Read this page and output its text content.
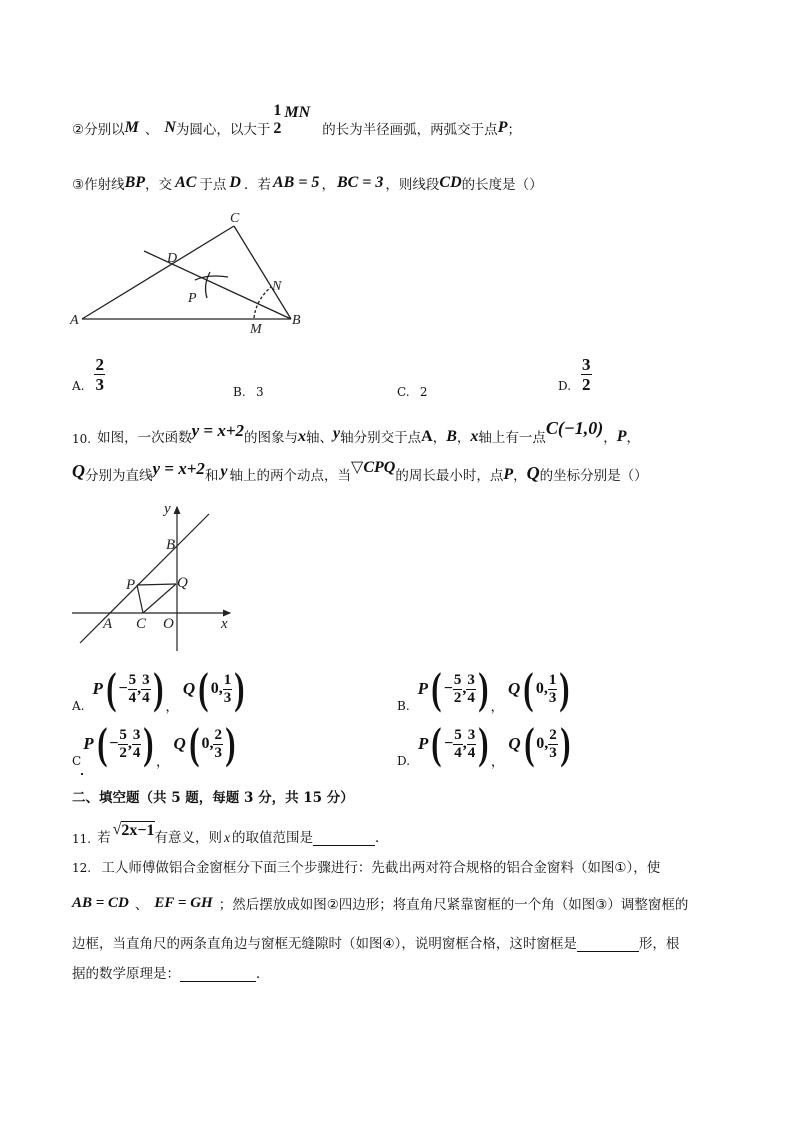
②分别以 M 、 N 为圆心，以大于
1
2
MN
的长为半径画弧，两弧交于点 P ；
③作射线 BP ，交 AC 于点 D ．若 AB = 5 ， BC = 3 ，则线段 CD 的长度是（）
A	B
C
D
P
M
N
A. $\frac{2}{3}$	B. 3	C. 2	D. $\frac{3}{2}$
10. 如图，一次函数 y = x+2 的图象与 x 轴、 y 轴分别交于点 A ， B ， x 轴上有一点 C(−1,0) ， P ，
Q 分别为直线 y = x+2 和 y 轴上的两个动点，当 ▽CPQ 的周长最小时，点 P ， Q 的坐标分别是（）
y
x
B
P	Q
A C O
A.
P ( − $\frac{5}{4}$ , $\frac{3}{4}$ ) ，
Q ( 0 , $\frac{1}{3}$ )	B.
P ( − $\frac{5}{2}$ , $\frac{3}{4}$ ) ，
Q ( 0 , $\frac{1}{3}$ )
C
P ( − $\frac{5}{2}$ , $\frac{3}{4}$ ) ，
Q ( 0 , $\frac{2}{3}$ )	D.
P ( − $\frac{5}{4}$ , $\frac{3}{4}$ ) ，
Q ( 0 , $\frac{2}{3}$ )
二、填空题（共 5 题，每题 3 分，共 15 分）
11. 若 √ 2x−1 有意义，则 x 的取值范围是	．
12. 工人师傅做铝合金窗框分下面三个步骤进行：先截出两对符合规格的铝合金窗料（如图①），使
AB = CD 、 EF = GH ；然后摆放成如图②四边形；将直角尺紧靠窗框的一个角（如图③）调整窗框的
边框，当直角尺的两条直角边与窗框无缝隙时（如图④），说明窗框合格，这时窗框是	形，根
据的数学原理是：	．
